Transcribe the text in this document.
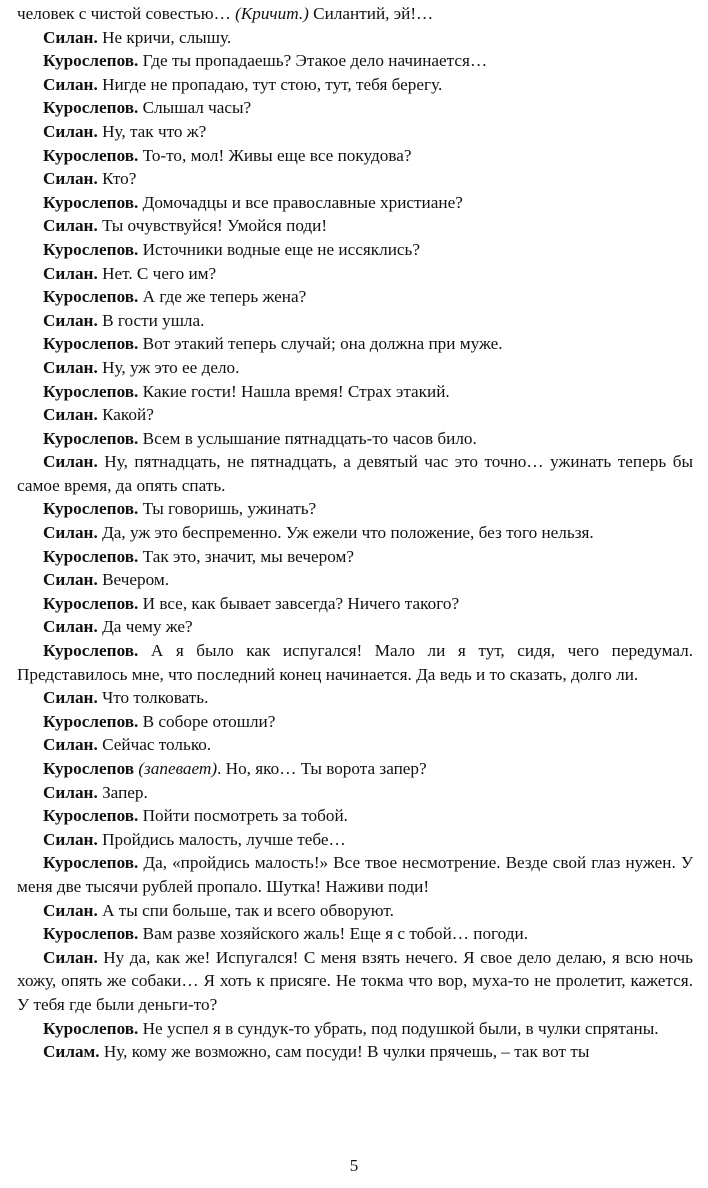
человек с чистой совестью… (Кричит.) Силантий, эй!…

Силан. Не кричи, слышу.

Курослепов. Где ты пропадаешь? Этакое дело начинается…

Силан. Нигде не пропадаю, тут стою, тут, тебя берегу.

Курослепов. Слышал часы?

Силан. Ну, так что ж?

Курослепов. То-то, мол! Живы еще все покудова?

Силан. Кто?

Курослепов. Домочадцы и все православные христиане?

Силан. Ты очувствуйся! Умойся поди!

Курослепов. Источники водные еще не иссяклись?

Силан. Нет. С чего им?

Курослепов. А где же теперь жена?

Силан. В гости ушла.

Курослепов. Вот этакий теперь случай; она должна при муже.

Силан. Ну, уж это ее дело.

Курослепов. Какие гости! Нашла время! Страх этакий.

Силан. Какой?

Курослепов. Всем в услышание пятнадцать-то часов било.

Силан. Ну, пятнадцать, не пятнадцать, а девятый час это точно… ужинать теперь бы самое время, да опять спать.

Курослепов. Ты говоришь, ужинать?

Силан. Да, уж это беспременно. Уж ежели что положение, без того нельзя.

Курослепов. Так это, значит, мы вечером?

Силан. Вечером.

Курослепов. И все, как бывает завсегда? Ничего такого?

Силан. Да чему же?

Курослепов. А я было как испугался! Мало ли я тут, сидя, чего передумал. Представилось мне, что последний конец начинается. Да ведь и то сказать, долго ли.

Силан. Что толковать.

Курослепов. В соборе отошли?

Силан. Сейчас только.

Курослепов (запевает). Но, яко… Ты ворота запер?

Силан. Запер.

Курослепов. Пойти посмотреть за тобой.

Силан. Пройдись малость, лучше тебе…

Курослепов. Да, «пройдись малость!» Все твое несмотрение. Везде свой глаз нужен. У меня две тысячи рублей пропало. Шутка! Наживи поди!

Силан. А ты спи больше, так и всего обворуют.

Курослепов. Вам разве хозяйского жаль! Еще я с тобой… погоди.

Силан. Ну да, как же! Испугался! С меня взять нечего. Я свое дело делаю, я всю ночь хожу, опять же собаки… Я хоть к присяге. Не токма что вор, муха-то не пролетит, кажется. У тебя где были деньги-то?

Курослепов. Не успел я в сундук-то убрать, под подушкой были, в чулки спрятаны.

Силам. Ну, кому же возможно, сам посуди! В чулки прячешь, – так вот ты

5
